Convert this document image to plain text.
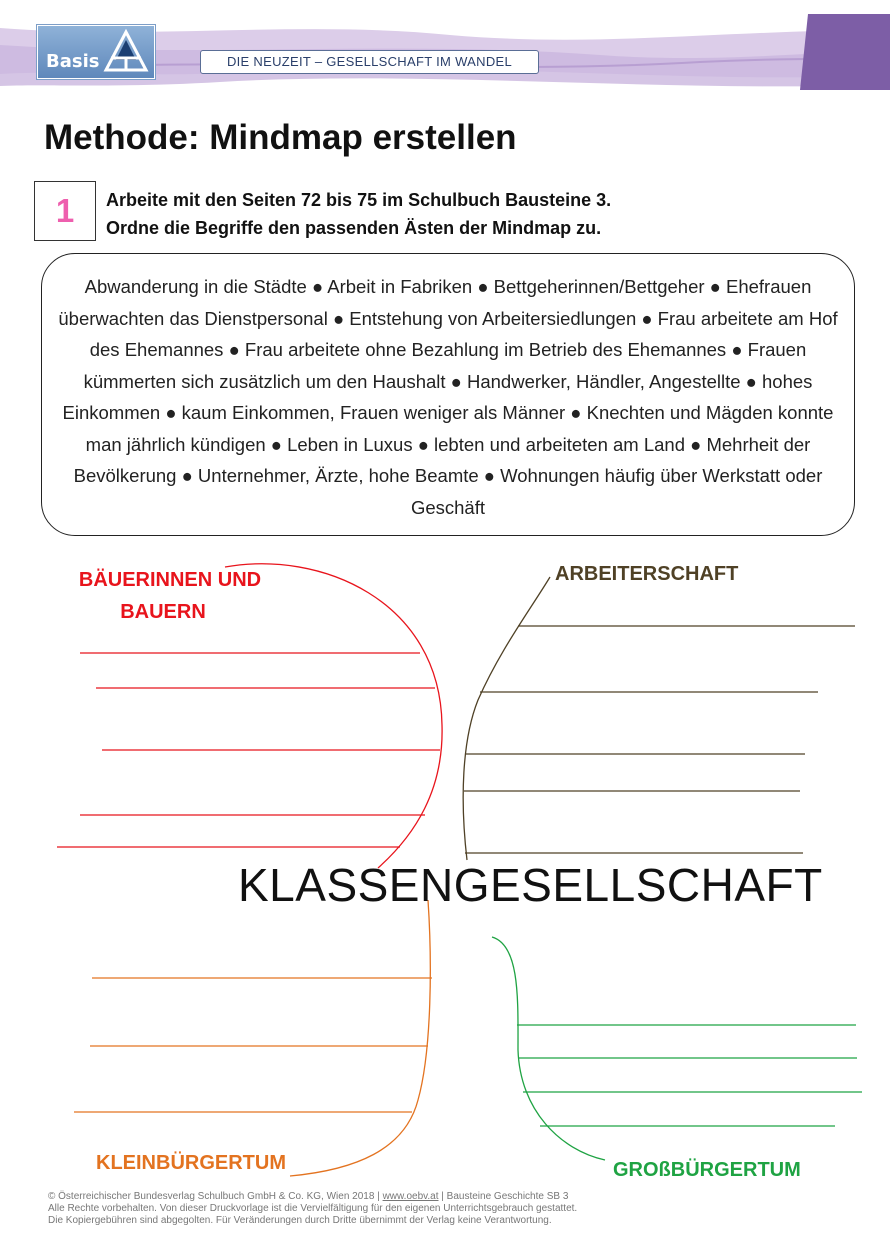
Basis	DIE NEUZEIT – GESELLSCHAFT IM WANDEL
Methode: Mindmap erstellen
1	Arbeite mit den Seiten 72 bis 75 im Schulbuch Bausteine 3.
Ordne die Begriffe den passenden Ästen der Mindmap zu.

Abwanderung in die Städte ● Arbeit in Fabriken ● Bettgeherinnen/Bettgeher ● Ehefrauen überwachten das Dienstpersonal ● Entstehung von Arbeitersiedlungen ● Frau arbeitete am Hof des Ehemannes ● Frau arbeitete ohne Bezahlung im Betrieb des Ehemannes ● Frauen kümmerten sich zusätzlich um den Haushalt ● Handwerker, Händler, Angestellte ● hohes Einkommen ● kaum Einkommen, Frauen weniger als Männer ● Knechten und Mägden konnte man jährlich kündigen ● Leben in Luxus ● lebten und arbeiteten am Land ● Mehrheit der Bevölkerung ● Unternehmer, Ärzte, hohe Beamte ● Wohnungen häufig über Werkstatt oder Geschäft

BÄUERINNEN UND
BAUERN
ARBEITERSCHAFT
KLEINBÜRGERTUM	GROßBÜRGERTUM
KLASSENGESELLSCHAFT
© Österreichischer Bundesverlag Schulbuch GmbH & Co. KG, Wien 2018 | www.oebv.at | Bausteine Geschichte SB 3
Alle Rechte vorbehalten. Von dieser Druckvorlage ist die Vervielfältigung für den eigenen Unterrichtsgebrauch gestattet.
Die Kopiergebühren sind abgegolten. Für Veränderungen durch Dritte übernimmt der Verlag keine Verantwortung.
